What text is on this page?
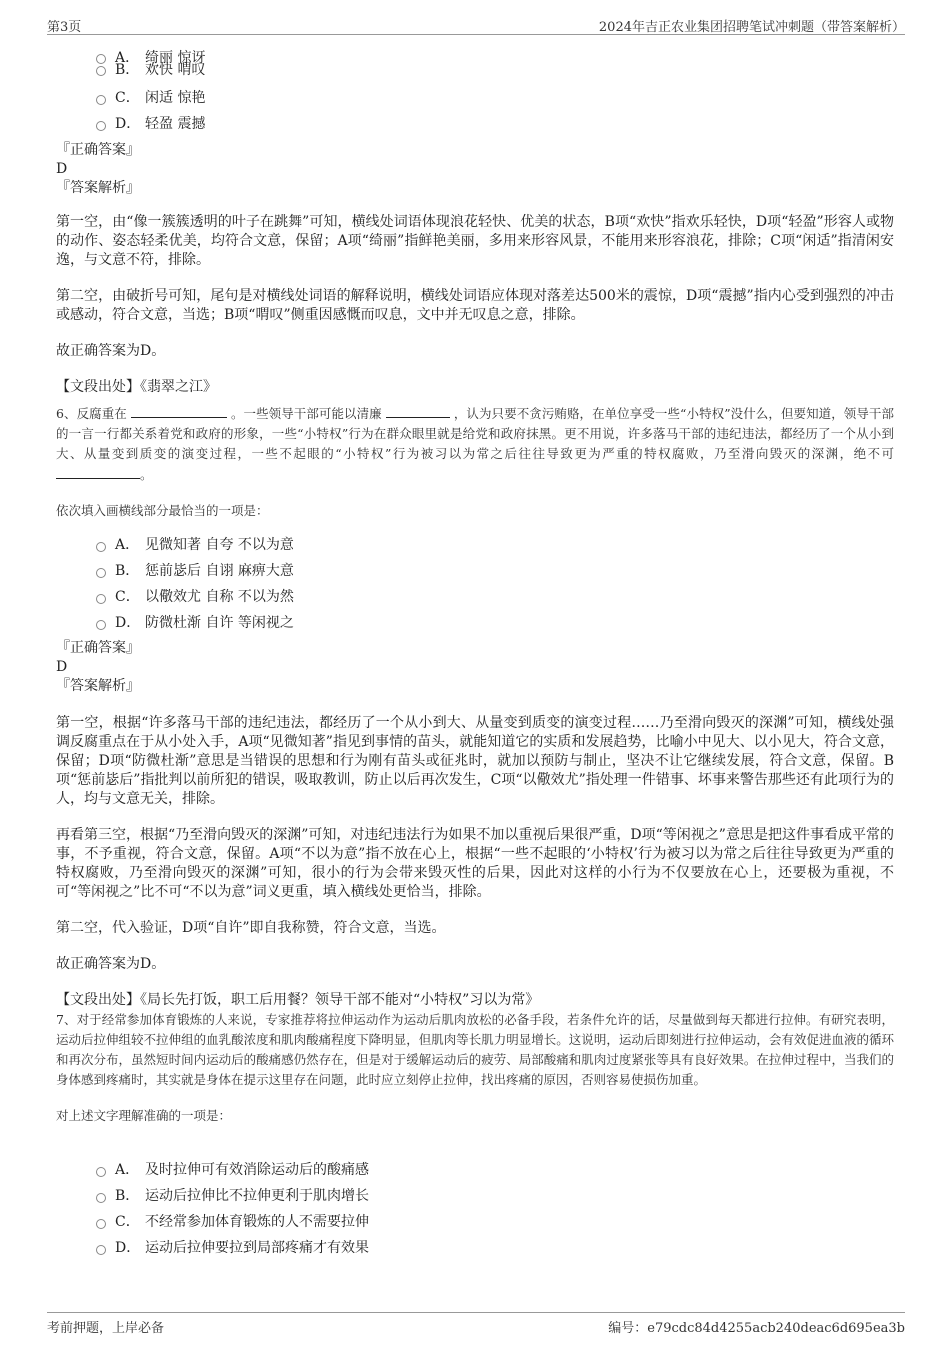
第3页	2024年吉正农业集团招聘笔试冲刺题（带答案解析）
A． 绮丽 惊讶
B． 欢快 喟叹
C． 闲适 惊艳
D． 轻盈 震撼
『正确答案』
D
『答案解析』

第一空，由“像一簇簇透明的叶子在跳舞”可知，横线处词语体现浪花轻快、优美的状态，B项“欢快”指欢乐轻快，D项“轻盈”形容人或物的动作、姿态轻柔优美，均符合文意，保留；A项“绮丽”指鲜艳美丽，多用来形容风景，不能用来形容浪花，排除；C项“闲适”指清闲安逸，与文意不符，排除。

第二空，由破折号可知，尾句是对横线处词语的解释说明，横线处词语应体现对落差达500米的震惊，D项“震撼”指内心受到强烈的冲击或感动，符合文意，当选；B项“喟叹”侧重因感慨而叹息，文中并无叹息之意，排除。

故正确答案为D。

【文段出处】《翡翠之江》

6、反腐重在	。一些领导干部可能以清廉	，认为只要不贪污贿赂，在单位享受一些“小特权”没什么，但要知道，领导干部的一言一行都关系着党和政府的形象，一些“小特权”行为在群众眼里就是给党和政府抹黑。更不用说，许多落马干部的违纪违法，都经历了一个从小到大、从量变到质变的演变过程，一些不起眼的“小特权”行为被习以为常之后往往导致更为严重的特权腐败，乃至滑向毁灭的深渊，绝不可 。

依次填入画横线部分最恰当的一项是：

A． 见微知著 自夸 不以为意
B． 惩前毖后 自诩 麻痹大意
C． 以儆效尤 自称 不以为然
D． 防微杜渐 自许 等闲视之
『正确答案』
D
『答案解析』

第一空，根据“许多落马干部的违纪违法，都经历了一个从小到大、从量变到质变的演变过程……乃至滑向毁灭的深渊”可知，横线处强调反腐重点在于从小处入手，A项“见微知著”指见到事情的苗头，就能知道它的实质和发展趋势，比喻小中见大、以小见大，符合文意，保留；D项“防微杜渐”意思是当错误的思想和行为刚有苗头或征兆时，就加以预防与制止，坚决不让它继续发展，符合文意，保留。B项“惩前毖后”指批判以前所犯的错误，吸取教训，防止以后再次发生，C项“以儆效尤”指处理一件错事、坏事来警告那些还有此项行为的人，均与文意无关，排除。

再看第三空，根据“乃至滑向毁灭的深渊”可知，对违纪违法行为如果不加以重视后果很严重，D项“等闲视之”意思是把这件事看成平常的事，不予重视，符合文意，保留。A项“不以为意”指不放在心上，根据“一些不起眼的‘小特权’行为被习以为常之后往往导致更为严重的特权腐败，乃至滑向毁灭的深渊”可知，很小的行为会带来毁灭性的后果，因此对这样的小行为不仅要放在心上，还要极为重视，不可“等闲视之”比不可“不以为意”词义更重，填入横线处更恰当，排除。

第二空，代入验证，D项“自许”即自我称赞，符合文意，当选。

故正确答案为D。

【文段出处】《局长先打饭，职工后用餐？领导干部不能对“小特权”习以为常》

7、对于经常参加体育锻炼的人来说，专家推荐将拉伸运动作为运动后肌肉放松的必备手段，若条件允许的话，尽量做到每天都进行拉伸。有研究表明，运动后拉伸组较不拉伸组的血乳酸浓度和肌肉酸痛程度下降明显，但肌肉等长肌力明显增长。这说明，运动后即刻进行拉伸运动，会有效促进血液的循环和再次分布，虽然短时间内运动后的酸痛感仍然存在，但是对于缓解运动后的疲劳、局部酸痛和肌肉过度紧张等具有良好效果。在拉伸过程中，当我们的身体感到疼痛时，其实就是身体在提示这里存在问题，此时应立刻停止拉伸，找出疼痛的原因，否则容易使损伤加重。

对上述文字理解准确的一项是：

A． 及时拉伸可有效消除运动后的酸痛感
B． 运动后拉伸比不拉伸更利于肌肉增长
C． 不经常参加体育锻炼的人不需要拉伸
D． 运动后拉伸要拉到局部疼痛才有效果
考前押题，上岸必备	编号：e79cdc84d4255acb240deac6d695ea3b
